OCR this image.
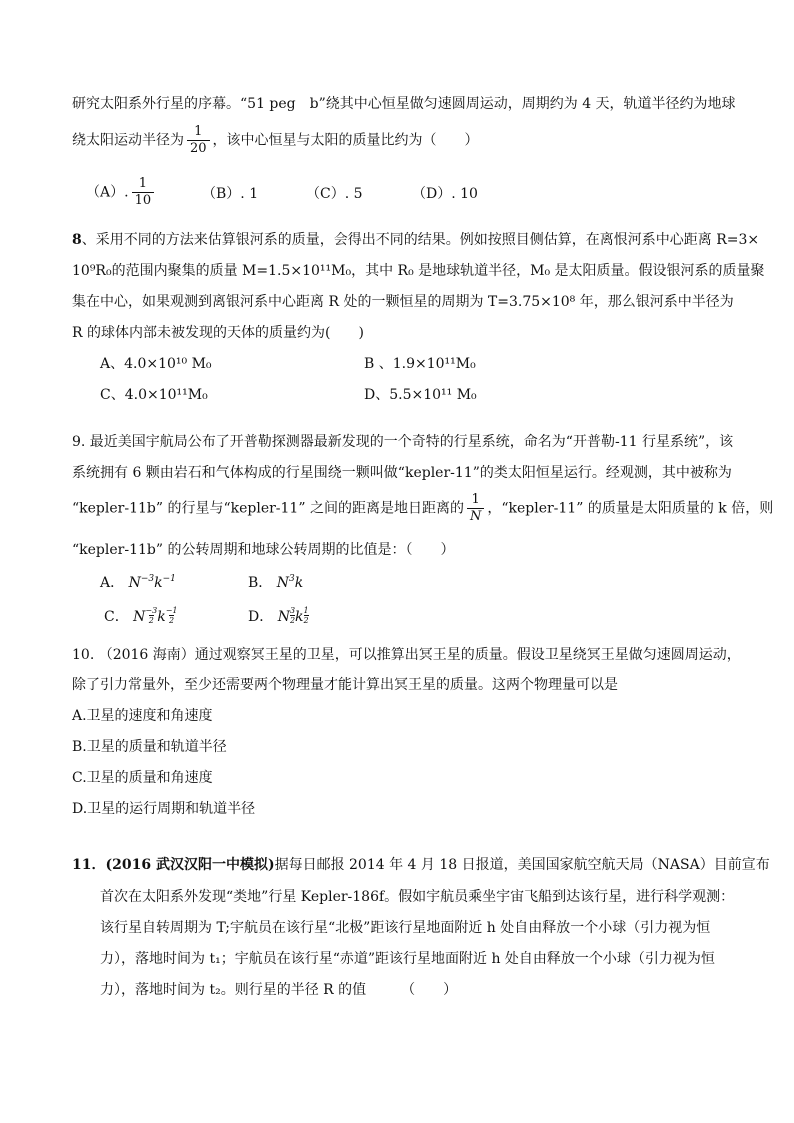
研究太阳系外行星的序幕。“51 peg　b”绕其中心恒星做匀速圆周运动，周期约为 4 天，轨道半径约为地球
绕太阳运动半径为 $\frac{1}{20}$ ，该中心恒星与太阳的质量比约为（　　）
（A）. $\frac{1}{10}$	（B）. 1	（C）. 5	（D）. 10
8、采用不同的方法来估算银河系的质量，会得出不同的结果。例如按照目侧估算，在离恨河系中心距离 R=3×
10⁹R₀的范围内聚集的质量 M=1.5×10¹¹M₀，其中 R₀ 是地球轨道半径，M₀ 是太阳质量。假设银河系的质量聚
集在中心，如果观测到离银河系中心距离 R 处的一颗恒星的周期为 T=3.75×10⁸ 年，那么银河系中半径为
R 的球体内部未被发现的天体的质量约为(　　)
A、4.0×10¹⁰ M₀	B 、1.9×10¹¹M₀
C、4.0×10¹¹M₀	D、5.5×10¹¹ M₀
9. 最近美国宇航局公布了开普勒探测器最新发现的一个奇特的行星系统，命名为“开普勒-11 行星系统”，该
系统拥有 6 颗由岩石和气体构成的行星围绕一颗叫做“kepler-11”的类太阳恒星运行。经观测，其中被称为
“kepler-11b” 的行星与“kepler-11” 之间的距离是地日距离的 $\frac{1}{N}$ ，“kepler-11” 的质量是太阳质量的 k 倍，则
“kepler-11b” 的公转周期和地球公转周期的比值是：（　　）
A． $N^{-3}k^{-1}$	B． $N^3k$
C． N $\frac{-3}{2}$ k $\frac{-1}{2}$	D． N $\frac{3}{2}$ k $\frac{1}{2}$
10. （2016 海南）通过观察冥王星的卫星，可以推算出冥王星的质量。假设卫星绕冥王星做匀速圆周运动，
除了引力常量外，至少还需要两个物理量才能计算出冥王星的质量。这两个物理量可以是
A.卫星的速度和角速度
B.卫星的质量和轨道半径
C.卫星的质量和角速度
D.卫星的运行周期和轨道半径
11．(2016 武汉汉阳一中模拟)据每日邮报 2014 年 4 月 18 日报道，美国国家航空航天局（NASA）目前宣布
首次在太阳系外发现“类地”行星 Kepler-186f。假如宇航员乘坐宇宙飞船到达该行星，进行科学观测：
该行星自转周期为 T;宇航员在该行星“北极”距该行星地面附近 h 处自由释放一个小球（引力视为恒
力），落地时间为 t₁；宇航员在该行星“赤道”距该行星地面附近 h 处自由释放一个小球（引力视为恒
力），落地时间为 t₂。则行星的半径 R 的值　　　（　　）
